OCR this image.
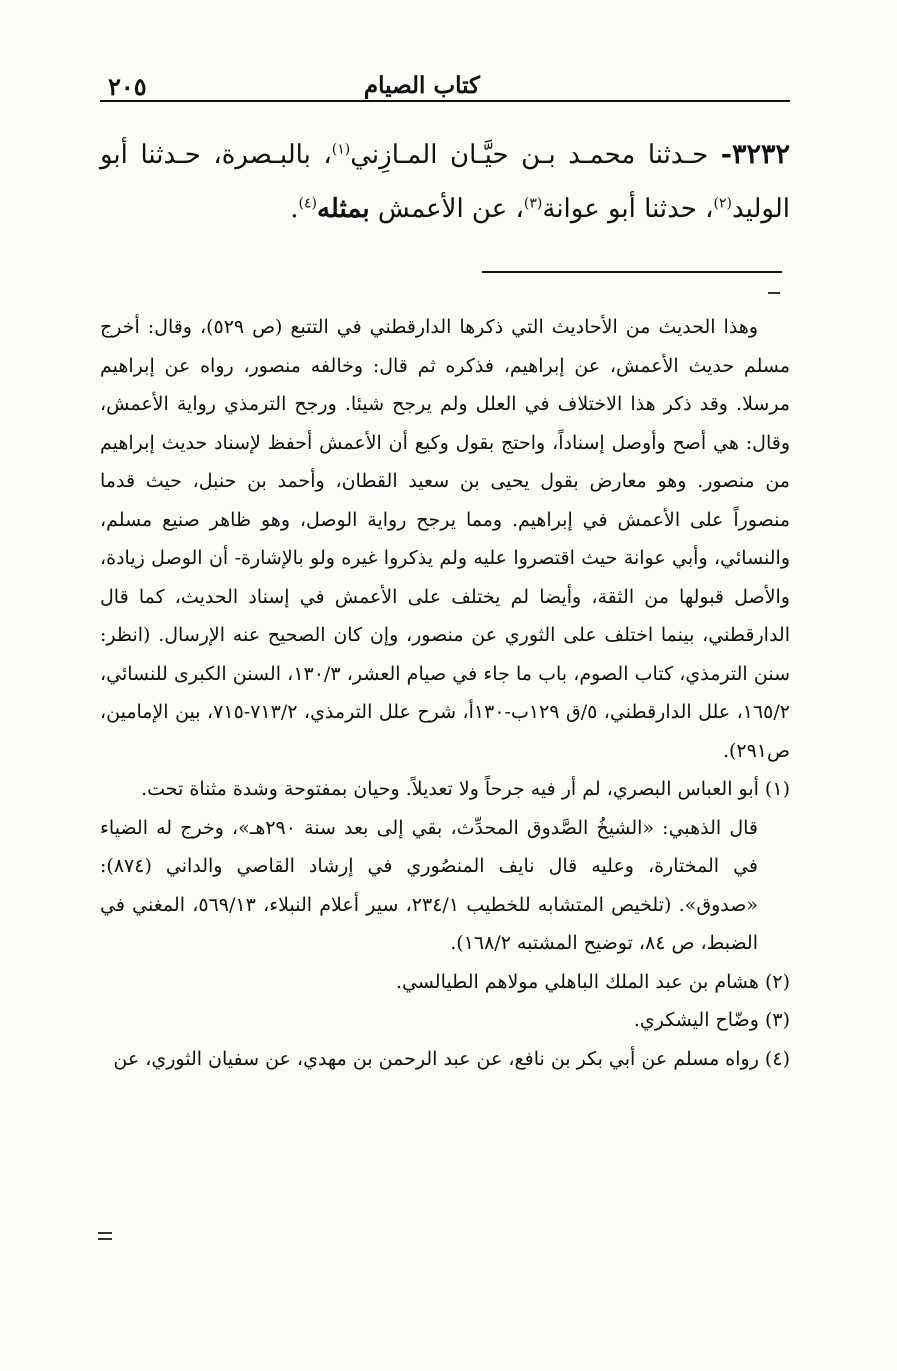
كتاب الصيام
٢٠٥
٣٢٣٢- حـدثنا محمـد بـن حيَّـان المـازِني$^{(١)}$، بالبـصرة، حـدثنا أبو الوليد$^{(٢)}$، حدثنا أبو عوانة$^{(٣)}$، عن الأعمش بمثله$^{(٤)}$.

وهذا الحديث من الأحاديث التي ذكرها الدارقطني في التتبع (ص ٥٢٩)، وقال: أخرج مسلم حديث الأعمش، عن إبراهيم، فذكره ثم قال: وخالفه منصور، رواه عن إبراهيم مرسلا. وقد ذكر هذا الاختلاف في العلل ولم يرجح شيئا. ورجح الترمذي رواية الأعمش، وقال: هي أصح وأوصل إسناداً، واحتج بقول وكيع أن الأعمش أحفظ لإسناد حديث إبراهيم من منصور. وهو معارض بقول يحيى بن سعيد القطان، وأحمد بن حنبل، حيث قدما منصوراً على الأعمش في إبراهيم. ومما يرجح رواية الوصل، وهو ظاهر صنيع مسلم، والنسائي، وأبي عوانة حيث اقتصروا عليه ولم يذكروا غيره ولو بالإشارة- أن الوصل زيادة، والأصل قبولها من الثقة، وأيضا لم يختلف على الأعمش في إسناد الحديث، كما قال الدارقطني، بينما اختلف على الثوري عن منصور، وإن كان الصحيح عنه الإرسال. (انظر: سنن الترمذي، كتاب الصوم، باب ما جاء في صيام العشر، ١٣٠/٣، السنن الكبرى للنسائي، ١٦٥/٢، علل الدارقطني، ٥/ق ١٢٩ب-١٣٠أ، شرح علل الترمذي، ٧١٣/٢-٧١٥، بين الإمامين، ص٢٩١).

(١) أبو العباس البصري، لم أر فيه جرحاً ولا تعديلاً. وحيان بمفتوحة وشدة مثناة تحت.

قال الذهبي: «الشيخُ الصَّدوق المحدِّث، بقي إلى بعد سنة ٢٩٠هـ»، وخرج له الضياء في المختارة، وعليه قال نايف المنصُوري في إرشاد القاصي والداني (٨٧٤): «صدوق». (تلخيص المتشابه للخطيب ٢٣٤/١، سير أعلام النبلاء، ٥٦٩/١٣، المغني في الضبط، ص ٨٤، توضيح المشتبه ١٦٨/٢).

(٢) هشام بن عبد الملك الباهلي مولاهم الطيالسي.

(٣) وضّاح اليشكري.

(٤) رواه مسلم عن أبي بكر بن نافع، عن عبد الرحمن بن مهدي، عن سفيان الثوري، عن
